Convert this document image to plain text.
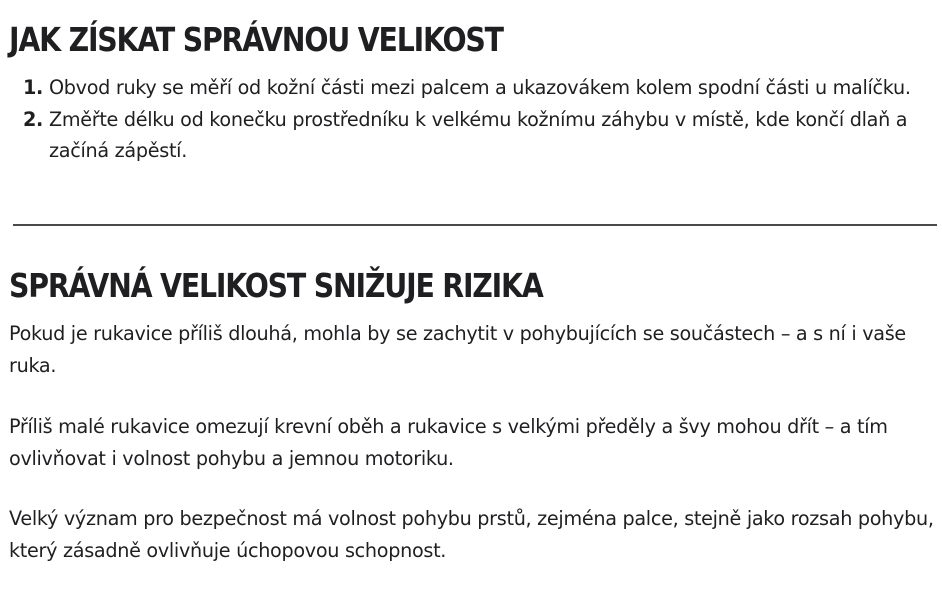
JAK ZÍSKAT SPRÁVNOU VELIKOST
1. Obvod ruky se měří od kožní části mezi palcem a ukazovákem kolem spodní části u malíčku.
2. Změřte délku od konečku prostředníku k velkému kožnímu záhybu v místě, kde končí dlaň a začíná zápěstí.
SPRÁVNÁ VELIKOST SNIŽUJE RIZIKA

Pokud je rukavice příliš dlouhá, mohla by se zachytit v pohybujících se součástech – a s ní i vaše ruka.

Příliš malé rukavice omezují krevní oběh a rukavice s velkými předěly a švy mohou dřít – a tím ovlivňovat i volnost pohybu a jemnou motoriku.

Velký význam pro bezpečnost má volnost pohybu prstů, zejména palce, stejně jako rozsah pohybu, který zásadně ovlivňuje úchopovou schopnost.
